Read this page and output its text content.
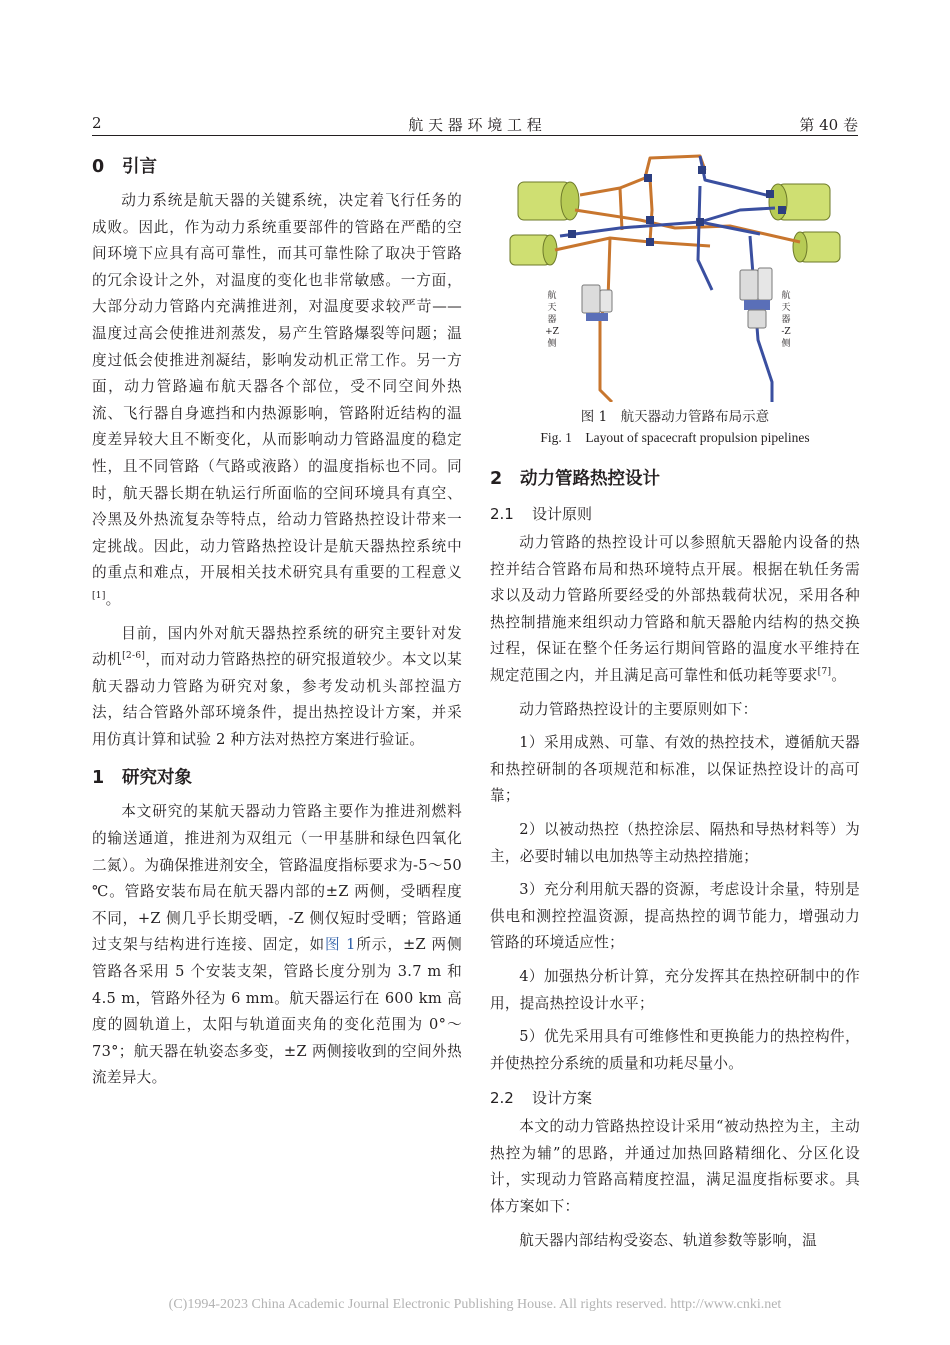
2	航 天 器 环 境 工 程	第 40 卷
0 引言

动力系统是航天器的关键系统，决定着飞行任务的成败。因此，作为动力系统重要部件的管路在严酷的空间环境下应具有高可靠性，而其可靠性除了取决于管路的冗余设计之外，对温度的变化也非常敏感。一方面，大部分动力管路内充满推进剂，对温度要求较严苛——温度过高会使推进剂蒸发，易产生管路爆裂等问题；温度过低会使推进剂凝结，影响发动机正常工作。另一方面，动力管路遍布航天器各个部位，受不同空间外热流、飞行器自身遮挡和内热源影响，管路附近结构的温度差异较大且不断变化，从而影响动力管路温度的稳定性，且不同管路（气路或液路）的温度指标也不同。同时，航天器长期在轨运行所面临的空间环境具有真空、冷黑及外热流复杂等特点，给动力管路热控设计带来一定挑战。因此，动力管路热控设计是航天器热控系统中的重点和难点，开展相关技术研究具有重要的工程意义[1]。

目前，国内外对航天器热控系统的研究主要针对发动机[2-6]，而对动力管路热控的研究报道较少。本文以某航天器动力管路为研究对象，参考发动机头部控温方法，结合管路外部环境条件，提出热控设计方案，并采用仿真计算和试验 2 种方法对热控方案进行验证。

1 研究对象

本文研究的某航天器动力管路主要作为推进剂燃料的输送通道，推进剂为双组元（一甲基肼和绿色四氧化二氮）。为确保推进剂安全，管路温度指标要求为-5～50 ℃。管路安装布局在航天器内部的±Z 两侧，受晒程度不同，+Z 侧几乎长期受晒，-Z 侧仅短时受晒；管路通过支架与结构进行连接、固定，如图 1所示，±Z 两侧管路各采用 5 个安装支架，管路长度分别为 3.7 m 和 4.5 m，管路外径为 6 mm。航天器运行在 600 km 高度的圆轨道上，太阳与轨道面夹角的变化范围为 0°～73°；航天器在轨姿态多变，±Z 两侧接收到的空间外热流差异大。

航
天
器
+Z
侧
航
天
器
-Z
侧
图 1　航天器动力管路布局示意
Fig. 1　Layout of spacecraft propulsion pipelines
2 动力管路热控设计
2.1 设计原则

动力管路的热控设计可以参照航天器舱内设备的热控并结合管路布局和热环境特点开展。根据在轨任务需求以及动力管路所要经受的外部热载荷状况，采用各种热控制措施来组织动力管路和航天器舱内结构的热交换过程，保证在整个任务运行期间管路的温度水平维持在规定范围之内，并且满足高可靠性和低功耗等要求[7]。

动力管路热控设计的主要原则如下：

1）采用成熟、可靠、有效的热控技术，遵循航天器和热控研制的各项规范和标准，以保证热控设计的高可靠；

2）以被动热控（热控涂层、隔热和导热材料等）为主，必要时辅以电加热等主动热控措施；

3）充分利用航天器的资源，考虑设计余量，特别是供电和测控控温资源，提高热控的调节能力，增强动力管路的环境适应性；

4）加强热分析计算，充分发挥其在热控研制中的作用，提高热控设计水平；

5）优先采用具有可维修性和更换能力的热控构件，并使热控分系统的质量和功耗尽量小。

2.2 设计方案

本文的动力管路热控设计采用“被动热控为主，主动热控为辅”的思路，并通过加热回路精细化、分区化设计，实现动力管路高精度控温，满足温度指标要求。具体方案如下：

航天器内部结构受姿态、轨道参数等影响，温

(C)1994-2023 China Academic Journal Electronic Publishing House. All rights reserved. http://www.cnki.net
